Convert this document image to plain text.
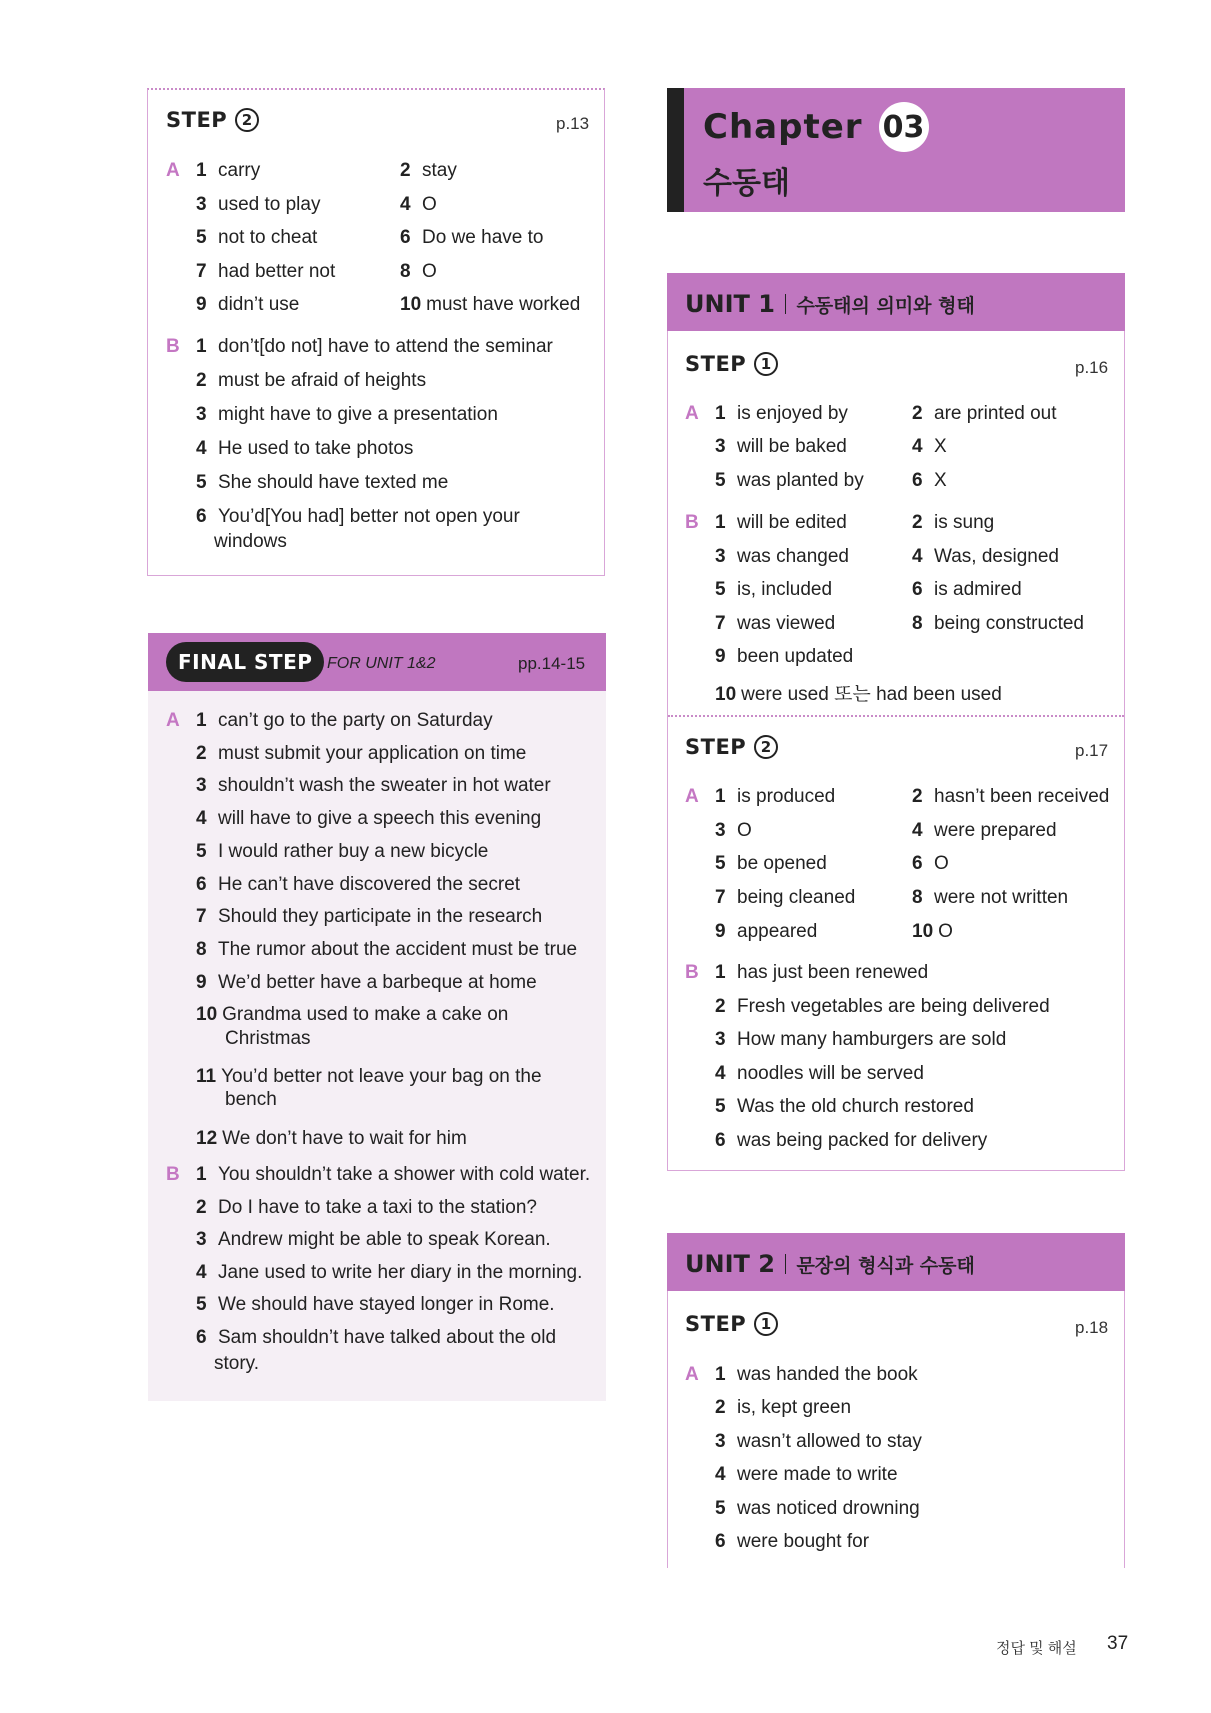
STEP 2	p.13
A 1 carry	2 stay
3 used to play	4 O
5 not to cheat	6 Do we have to
7 had better not	8 O
9 didn’t use	10 must have worked
B 1 don’t[do not] have to attend the seminar
2 must be afraid of heights
3 might have to give a presentation
4 He used to take photos
5 She should have texted me
6 You’d[You had] better not open your
windows
FINAL STEP FOR UNIT 1&2	pp.14-15
A 1 can’t go to the party on Saturday
2 must submit your application on time
3 shouldn’t wash the sweater in hot water
4 will have to give a speech this evening
5 I would rather buy a new bicycle
6 He can’t have discovered the secret
7 Should they participate in the research
8 The rumor about the accident must be true
9 We’d better have a barbeque at home
10 Grandma used to make a cake on
11 You’d better not leave your bag on the
12 We don’t have to wait for him
Christmas
bench
B 1 You shouldn’t take a shower with cold water.
2 Do I have to take a taxi to the station?
3 Andrew might be able to speak Korean.
4 Jane used to write her diary in the morning.
5 We should have stayed longer in Rome.
6 Sam shouldn’t have talked about the old
story.
Chapter 03
수동태
UNIT 1 수동태의 의미와 형태
STEP 1	p.16
A 1 is enjoyed by	2 are printed out
3 will be baked	4 X
5 was planted by	6 X
B 1 will be edited	2 is sung
3 was changed	4 Was, designed
5 is, included	6 is admired
7 was viewed	8 being constructed
9 been updated
10 were used 또는 had been used
STEP 2	p.17
A 1 is produced	2 hasn’t been received
3 O	4 were prepared
5 be opened	6 O
7 being cleaned	8 were not written
9 appeared	10 O
B 1 has just been renewed
2 Fresh vegetables are being delivered
3 How many hamburgers are sold
4 noodles will be served
5 Was the old church restored
6 was being packed for delivery
UNIT 2 문장의 형식과 수동태
STEP 1	p.18
A 1 was handed the book
2 is, kept green
3 wasn’t allowed to stay
4 were made to write
5 was noticed drowning
6 were bought for
정답 및 해설 37
